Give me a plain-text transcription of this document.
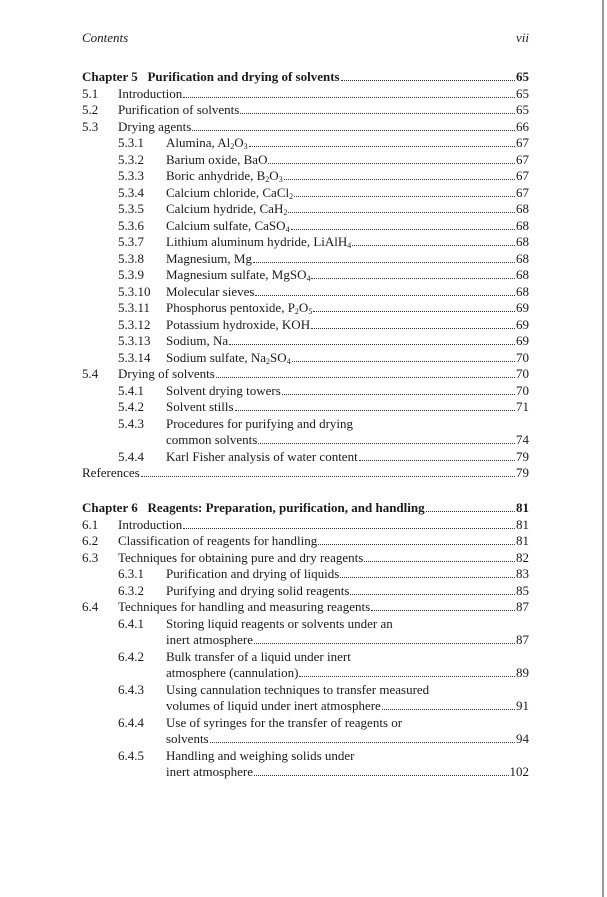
Contents	vii
Chapter 5
Purification and drying of solvents	65
5.1	Introduction	65
5.2	Purification of solvents	65
5.3	Drying agents	66
5.3.1	Alumina, $Al_2O_3$	67
5.3.2	Barium oxide, BaO	67
5.3.3	Boric anhydride, $B_2O_3$	67
5.3.4	Calcium chloride, CaCl$_2$	67
5.3.5	Calcium hydride, CaH$_2$	68
5.3.6	Calcium sulfate, CaSO$_4$	68
5.3.7	Lithium aluminum hydride, LiAlH$_4$	68
5.3.8	Magnesium, Mg	68
5.3.9	Magnesium sulfate, MgSO$_4$	68
5.3.10	Molecular sieves	68
5.3.11	Phosphorus pentoxide, $P_2O_5$	69
5.3.12	Potassium hydroxide, KOH	69
5.3.13	Sodium, Na	69
5.3.14	Sodium sulfate, $Na_2SO_4$	70
5.4	Drying of solvents	70
5.4.1	Solvent drying towers	70
5.4.2	Solvent stills	71
5.4.3	Procedures for purifying and drying
common solvents	74
5.4.4	Karl Fisher analysis of water content	79
References	79
Chapter 6
Reagents: Preparation, purification, and handling	81
6.1	Introduction	81
6.2	Classification of reagents for handling	81
6.3	Techniques for obtaining pure and dry reagents	82
6.3.1	Purification and drying of liquids	83
6.3.2	Purifying and drying solid reagents	85
6.4	Techniques for handling and measuring reagents	87
6.4.1	Storing liquid reagents or solvents under an
inert atmosphere	87
6.4.2	Bulk transfer of a liquid under inert
atmosphere (cannulation)	89
6.4.3	Using cannulation techniques to transfer measured
volumes of liquid under inert atmosphere	91
6.4.4	Use of syringes for the transfer of reagents or
solvents	94
6.4.5	Handling and weighing solids under
inert atmosphere	102
